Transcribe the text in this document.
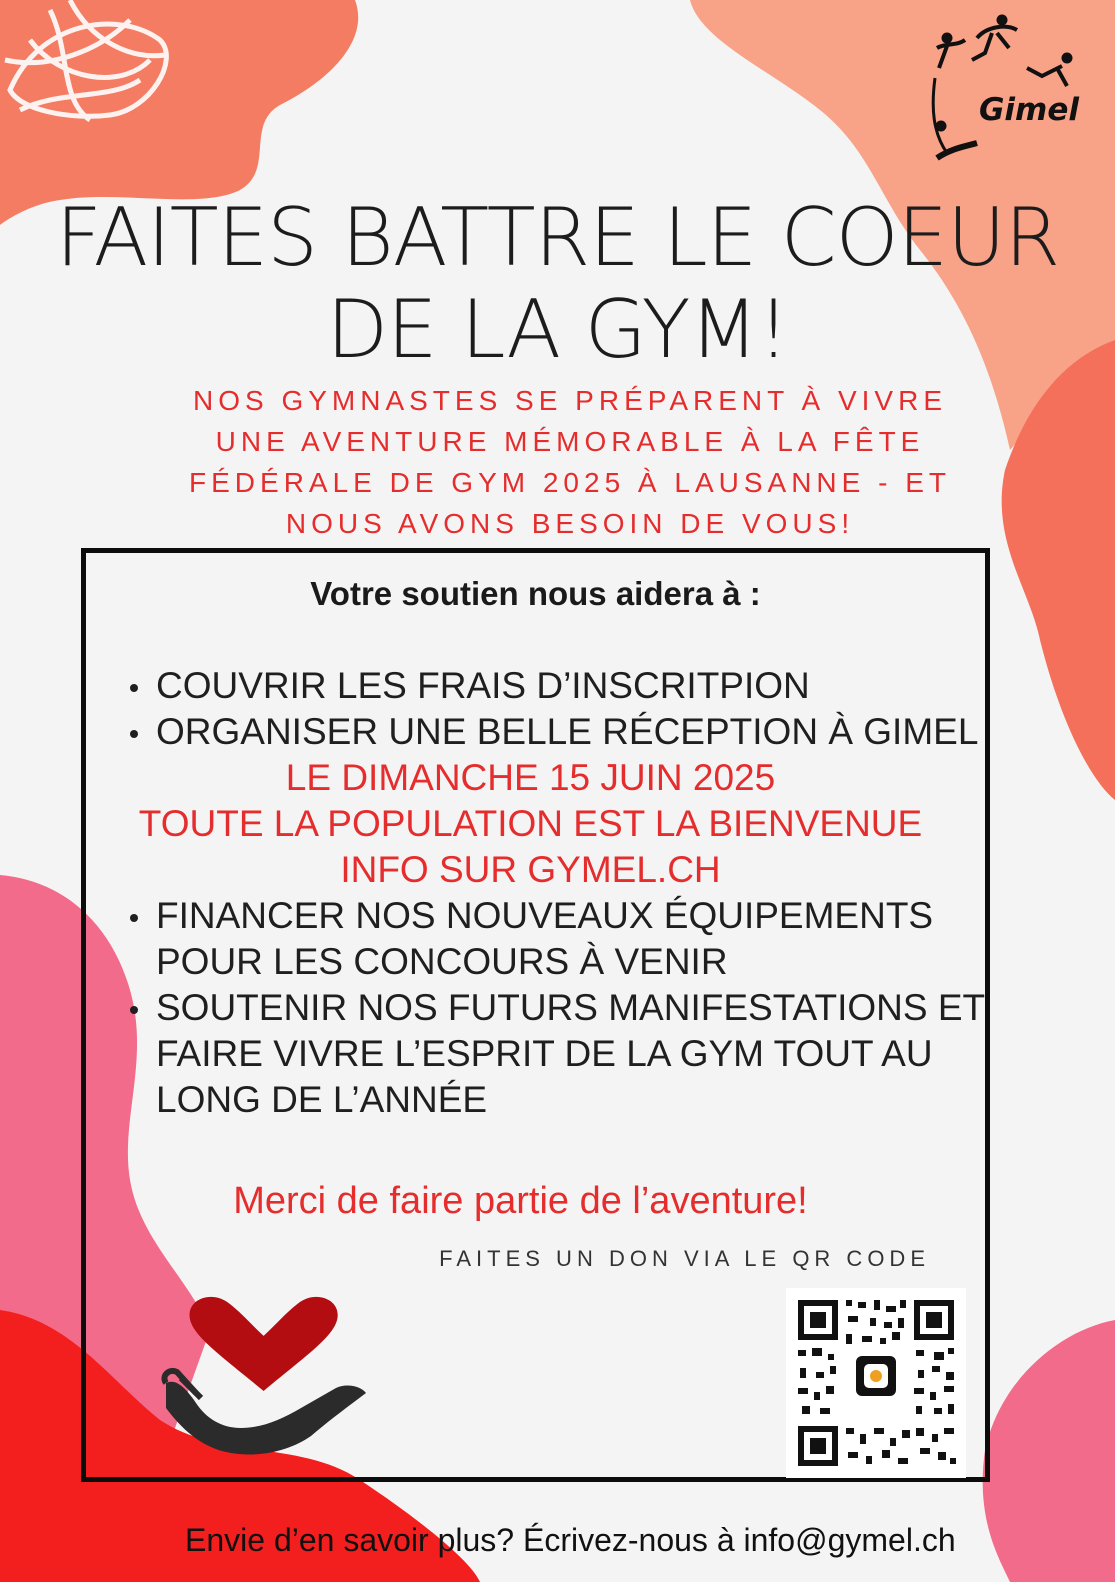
Gimel
FAITES BATTRE LE COEUR
DE LA GYM!
NOS GYMNASTES SE PRÉPARENT À VIVRE UNE AVENTURE MÉMORABLE À LA FÊTE FÉDÉRALE DE GYM 2025 À LAUSANNE - ET NOUS AVONS BESOIN DE VOUS!
Votre soutien nous aidera à :
COUVRIR LES FRAIS D’INSCRITPION
ORGANISER UNE BELLE RÉCEPTION À GIMEL
LE DIMANCHE 15 JUIN 2025
TOUTE LA POPULATION EST LA BIENVENUE
INFO SUR GYMEL.CH
FINANCER NOS NOUVEAUX ÉQUIPEMENTS
POUR LES CONCOURS À VENIR
SOUTENIR NOS FUTURS MANIFESTATIONS ET
FAIRE VIVRE L’ESPRIT DE LA GYM TOUT AU
LONG DE L’ANNÉE
Merci de faire partie de l’aventure!
FAITES UN DON VIA LE QR CODE
Envie d’en savoir plus? Écrivez-nous à info@gymel.ch
